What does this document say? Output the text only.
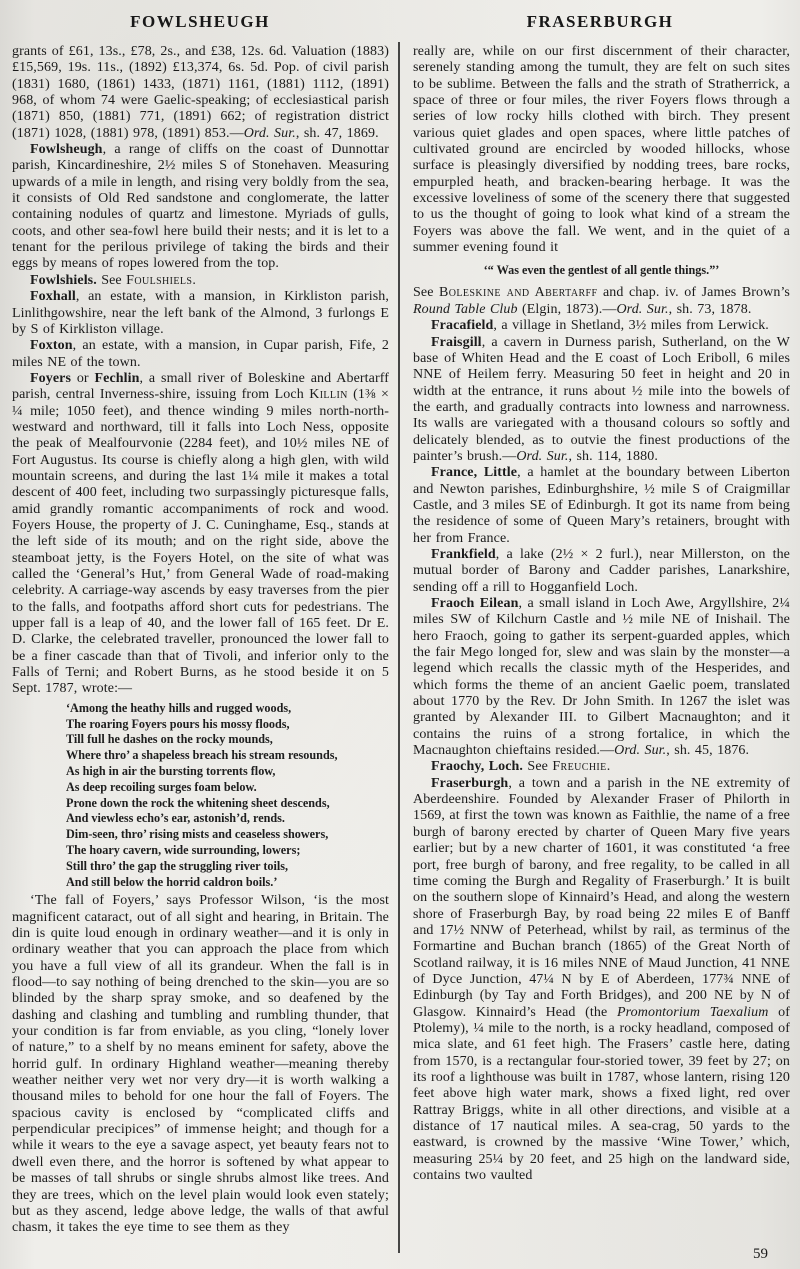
FOWLSHEUGH	FRASERBURGH

grants of £61, 13s., £78, 2s., and £38, 12s. 6d. Valuation (1883) £15,569, 19s. 11s., (1892) £13,374, 6s. 5d. Pop. of civil parish (1831) 1680, (1861) 1433, (1871) 1161, (1881) 1112, (1891) 968, of whom 74 were Gaelic-speaking; of ecclesiastical parish (1871) 850, (1881) 771, (1891) 662; of registration district (1871) 1028, (1881) 978, (1891) 853.—Ord. Sur., sh. 47, 1869.

Fowlsheugh, a range of cliffs on the coast of Dunnottar parish, Kincardineshire, 2½ miles S of Stonehaven. Measuring upwards of a mile in length, and rising very boldly from the sea, it consists of Old Red sandstone and conglomerate, the latter containing nodules of quartz and limestone. Myriads of gulls, coots, and other sea-fowl here build their nests; and it is let to a tenant for the perilous privilege of taking the birds and their eggs by means of ropes lowered from the top.

Fowlshiels. See Foulshiels.

Foxhall, an estate, with a mansion, in Kirkliston parish, Linlithgowshire, near the left bank of the Almond, 3 furlongs E by S of Kirkliston village.

Foxton, an estate, with a mansion, in Cupar parish, Fife, 2 miles NE of the town.

Foyers or Fechlin, a small river of Boleskine and Abertarff parish, central Inverness-shire, issuing from Loch Killin (1⅜ × ¼ mile; 1050 feet), and thence winding 9 miles north-north-westward and northward, till it falls into Loch Ness, opposite the peak of Mealfourvonie (2284 feet), and 10½ miles NE of Fort Augustus. Its course is chiefly along a high glen, with wild mountain screens, and during the last 1¼ mile it makes a total descent of 400 feet, including two surpassingly picturesque falls, amid grandly romantic accompaniments of rock and wood. Foyers House, the property of J. C. Cuninghame, Esq., stands at the left side of its mouth; and on the right side, above the steamboat jetty, is the Foyers Hotel, on the site of what was called the ‘General’s Hut,’ from General Wade of road-making celebrity. A carriage-way ascends by easy traverses from the pier to the falls, and footpaths afford short cuts for pedestrians. The upper fall is a leap of 40, and the lower fall of 165 feet. Dr E. D. Clarke, the celebrated traveller, pronounced the lower fall to be a finer cascade than that of Tivoli, and inferior only to the Falls of Terni; and Robert Burns, as he stood beside it on 5 Sept. 1787, wrote:—

‘Among the heathy hills and rugged woods,
The roaring Foyers pours his mossy floods,
Till full he dashes on the rocky mounds,
Where thro’ a shapeless breach his stream resounds,
As high in air the bursting torrents flow,
As deep recoiling surges foam below.
Prone down the rock the whitening sheet descends,
And viewless echo’s ear, astonish’d, rends.
Dim-seen, thro’ rising mists and ceaseless showers,
The hoary cavern, wide surrounding, lowers;
Still thro’ the gap the struggling river toils,
And still below the horrid caldron boils.’

‘The fall of Foyers,’ says Professor Wilson, ‘is the most magnificent cataract, out of all sight and hearing, in Britain. The din is quite loud enough in ordinary weather—and it is only in ordinary weather that you can approach the place from which you have a full view of all its grandeur. When the fall is in flood—to say nothing of being drenched to the skin—you are so blinded by the sharp spray smoke, and so deafened by the dashing and clashing and tumbling and rumbling thunder, that your condition is far from enviable, as you cling, “lonely lover of nature,” to a shelf by no means eminent for safety, above the horrid gulf. In ordinary Highland weather—meaning thereby weather neither very wet nor very dry—it is worth walking a thousand miles to behold for one hour the fall of Foyers. The spacious cavity is enclosed by “complicated cliffs and perpendicular precipices” of immense height; and though for a while it wears to the eye a savage aspect, yet beauty fears not to dwell even there, and the horror is softened by what appear to be masses of tall shrubs or single shrubs almost like trees. And they are trees, which on the level plain would look even stately; but as they ascend, ledge above ledge, the walls of that awful chasm, it takes the eye time to see them as they

really are, while on our first discernment of their character, serenely standing among the tumult, they are felt on such sites to be sublime. Between the falls and the strath of Stratherrick, a space of three or four miles, the river Foyers flows through a series of low rocky hills clothed with birch. They present various quiet glades and open spaces, where little patches of cultivated ground are encircled by wooded hillocks, whose surface is pleasingly diversified by nodding trees, bare rocks, empurpled heath, and bracken-bearing herbage. It was the excessive loveliness of some of the scenery there that suggested to us the thought of going to look what kind of a stream the Foyers was above the fall. We went, and in the quiet of a summer evening found it

‘“ Was even the gentlest of all gentle things.”’

See Boleskine and Abertarff and chap. iv. of James Brown’s Round Table Club (Elgin, 1873).—Ord. Sur., sh. 73, 1878.

Fracafield, a village in Shetland, 3½ miles from Lerwick.

Fraisgill, a cavern in Durness parish, Sutherland, on the W base of Whiten Head and the E coast of Loch Eriboll, 6 miles NNE of Heilem ferry. Measuring 50 feet in height and 20 in width at the entrance, it runs about ½ mile into the bowels of the earth, and gradually contracts into lowness and narrowness. Its walls are variegated with a thousand colours so softly and delicately blended, as to outvie the finest productions of the painter’s brush.—Ord. Sur., sh. 114, 1880.

France, Little, a hamlet at the boundary between Liberton and Newton parishes, Edinburghshire, ½ mile S of Craigmillar Castle, and 3 miles SE of Edinburgh. It got its name from being the residence of some of Queen Mary’s retainers, brought with her from France.

Frankfield, a lake (2½ × 2 furl.), near Millerston, on the mutual border of Barony and Cadder parishes, Lanarkshire, sending off a rill to Hogganfield Loch.

Fraoch Eilean, a small island in Loch Awe, Argyllshire, 2¼ miles SW of Kilchurn Castle and ½ mile NE of Inishail. The hero Fraoch, going to gather its serpent-guarded apples, which the fair Mego longed for, slew and was slain by the monster—a legend which recalls the classic myth of the Hesperides, and which forms the theme of an ancient Gaelic poem, translated about 1770 by the Rev. Dr John Smith. In 1267 the islet was granted by Alexander III. to Gilbert Macnaughton; and it contains the ruins of a strong fortalice, in which the Macnaughton chieftains resided.—Ord. Sur., sh. 45, 1876.

Fraochy, Loch. See Freuchie.

Fraserburgh, a town and a parish in the NE extremity of Aberdeenshire. Founded by Alexander Fraser of Philorth in 1569, at first the town was known as Faithlie, the name of a free burgh of barony erected by charter of Queen Mary five years earlier; but by a new charter of 1601, it was constituted ‘a free port, free burgh of barony, and free regality, to be called in all time coming the Burgh and Regality of Fraserburgh.’ It is built on the southern slope of Kinnaird’s Head, and along the western shore of Fraserburgh Bay, by road being 22 miles E of Banff and 17½ NNW of Peterhead, whilst by rail, as terminus of the Formartine and Buchan branch (1865) of the Great North of Scotland railway, it is 16 miles NNE of Maud Junction, 41 NNE of Dyce Junction, 47¼ N by E of Aberdeen, 177¾ NNE of Edinburgh (by Tay and Forth Bridges), and 200 NE by N of Glasgow. Kinnaird’s Head (the Promontorium Taexalium of Ptolemy), ¼ mile to the north, is a rocky headland, composed of mica slate, and 61 feet high. The Frasers’ castle here, dating from 1570, is a rectangular four-storied tower, 39 feet by 27; on its roof a lighthouse was built in 1787, whose lantern, rising 120 feet above high water mark, shows a fixed light, red over Rattray Briggs, white in all other directions, and visible at a distance of 17 nautical miles. A sea-crag, 50 yards to the eastward, is crowned by the massive ‘Wine Tower,’ which, measuring 25¼ by 20 feet, and 25 high on the landward side, contains two vaulted

59
